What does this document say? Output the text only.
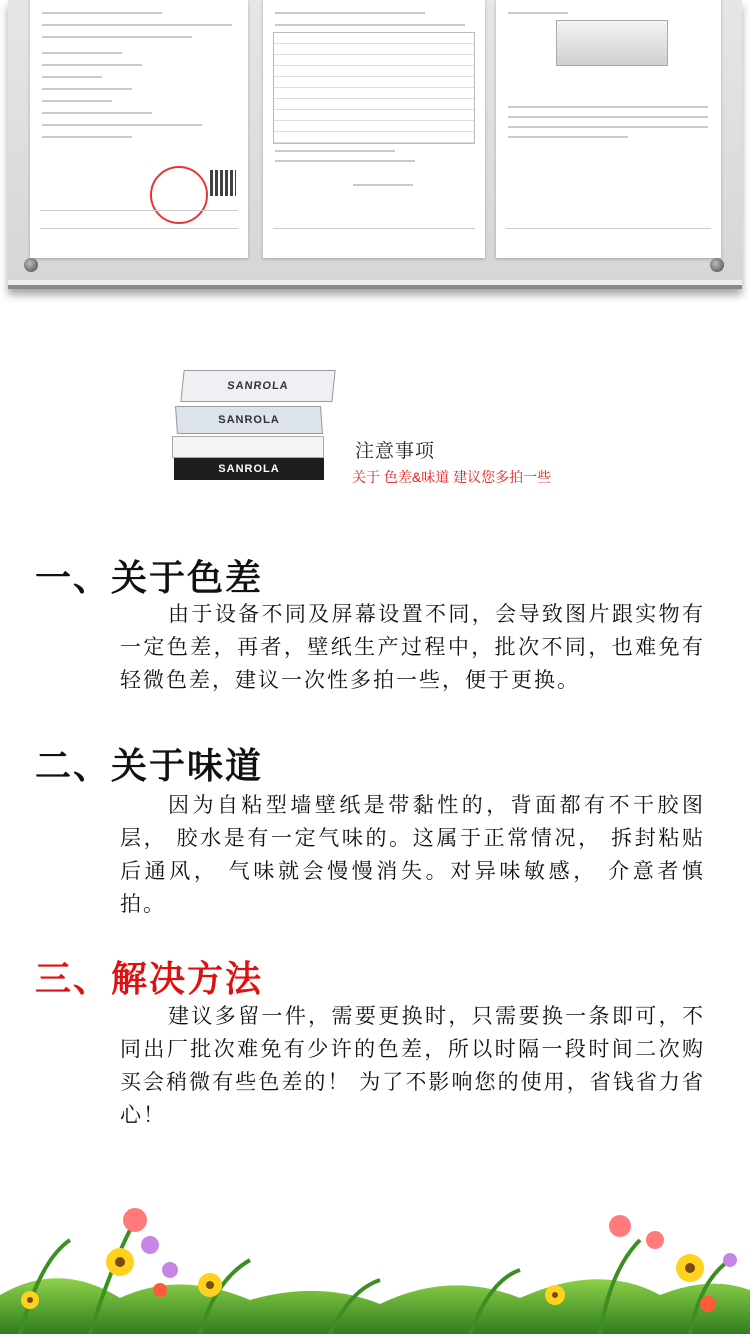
SANROLA
SANROLA
SANROLA
注意事项
关于 色差&味道 建议您多拍一些
一、关于色差
由于设备不同及屏幕设置不同，会导致图片跟实物有一定色差，再者，壁纸生产过程中，批次不同，也难免有轻微色差，建议一次性多拍一些，便于更换。
二、关于味道
因为自粘型墙壁纸是带黏性的，背面都有不干胶图层， 胶水是有一定气味的。这属于正常情况， 拆封粘贴后通风， 气味就会慢慢消失。对异味敏感， 介意者慎拍。
三、解决方法
建议多留一件，需要更换时，只需要换一条即可，不同出厂批次难免有少许的色差，所以时隔一段时间二次购买会稍微有些色差的！ 为了不影响您的使用，省钱省力省心！
